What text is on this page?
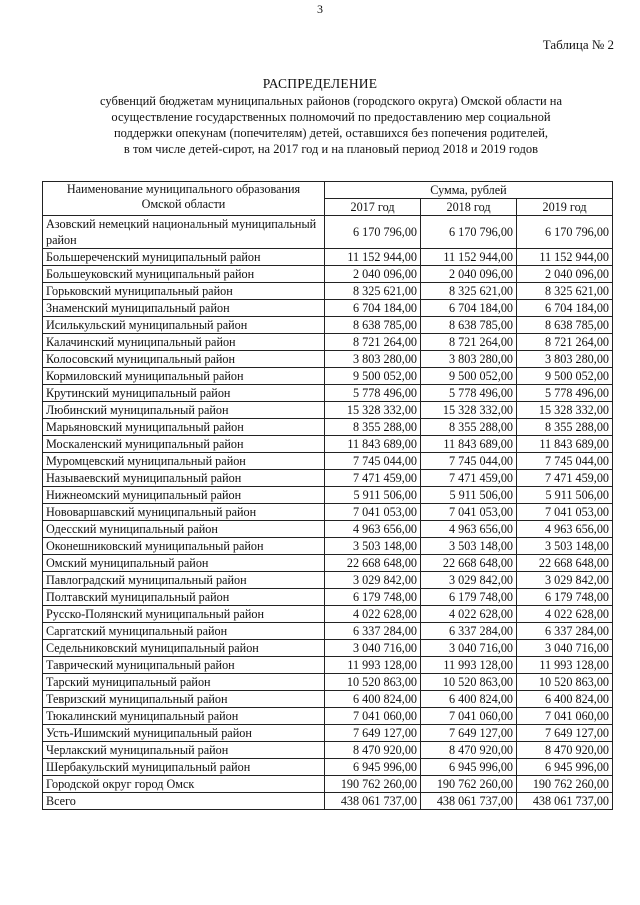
3
Таблица № 2
РАСПРЕДЕЛЕНИЕ
субвенций бюджетам муниципальных районов (городского округа) Омской области на
осуществление государственных полномочий по предоставлению мер социальной
поддержки опекунам (попечителям) детей, оставшихся без попечения родителей,
в том числе детей-сирот, на 2017 год и на плановый период 2018 и 2019 годов
Наименование муниципального образования Омской области	Сумма, рублей		
	2017 год	2018 год	2019 год
Азовский немецкий национальный муниципальный район	6 170 796,00	6 170 796,00	6 170 796,00
Большереченский муниципальный район	11 152 944,00	11 152 944,00	11 152 944,00
Большеуковский муниципальный район	2 040 096,00	2 040 096,00	2 040 096,00
Горьковский муниципальный район	8 325 621,00	8 325 621,00	8 325 621,00
Знаменский муниципальный район	6 704 184,00	6 704 184,00	6 704 184,00
Исилькульский муниципальный район	8 638 785,00	8 638 785,00	8 638 785,00
Калачинский муниципальный район	8 721 264,00	8 721 264,00	8 721 264,00
Колосовский муниципальный район	3 803 280,00	3 803 280,00	3 803 280,00
Кормиловский муниципальный район	9 500 052,00	9 500 052,00	9 500 052,00
Крутинский муниципальный район	5 778 496,00	5 778 496,00	5 778 496,00
Любинский муниципальный район	15 328 332,00	15 328 332,00	15 328 332,00
Марьяновский муниципальный район	8 355 288,00	8 355 288,00	8 355 288,00
Москаленский муниципальный район	11 843 689,00	11 843 689,00	11 843 689,00
Муромцевский муниципальный район	7 745 044,00	7 745 044,00	7 745 044,00
Называевский муниципальный район	7 471 459,00	7 471 459,00	7 471 459,00
Нижнеомский муниципальный район	5 911 506,00	5 911 506,00	5 911 506,00
Нововаршавский муниципальный район	7 041 053,00	7 041 053,00	7 041 053,00
Одесский муниципальный район	4 963 656,00	4 963 656,00	4 963 656,00
Оконешниковский муниципальный район	3 503 148,00	3 503 148,00	3 503 148,00
Омский муниципальный район	22 668 648,00	22 668 648,00	22 668 648,00
Павлоградский муниципальный район	3 029 842,00	3 029 842,00	3 029 842,00
Полтавский муниципальный район	6 179 748,00	6 179 748,00	6 179 748,00
Русско-Полянский муниципальный район	4 022 628,00	4 022 628,00	4 022 628,00
Саргатский муниципальный район	6 337 284,00	6 337 284,00	6 337 284,00
Седельниковский муниципальный район	3 040 716,00	3 040 716,00	3 040 716,00
Таврический муниципальный район	11 993 128,00	11 993 128,00	11 993 128,00
Тарский муниципальный район	10 520 863,00	10 520 863,00	10 520 863,00
Тевризский муниципальный район	6 400 824,00	6 400 824,00	6 400 824,00
Тюкалинский муниципальный район	7 041 060,00	7 041 060,00	7 041 060,00
Усть-Ишимский муниципальный район	7 649 127,00	7 649 127,00	7 649 127,00
Черлакский муниципальный район	8 470 920,00	8 470 920,00	8 470 920,00
Шербакульский муниципальный район	6 945 996,00	6 945 996,00	6 945 996,00
Городской округ город Омск	190 762 260,00	190 762 260,00	190 762 260,00
Всего	438 061 737,00	438 061 737,00	438 061 737,00
